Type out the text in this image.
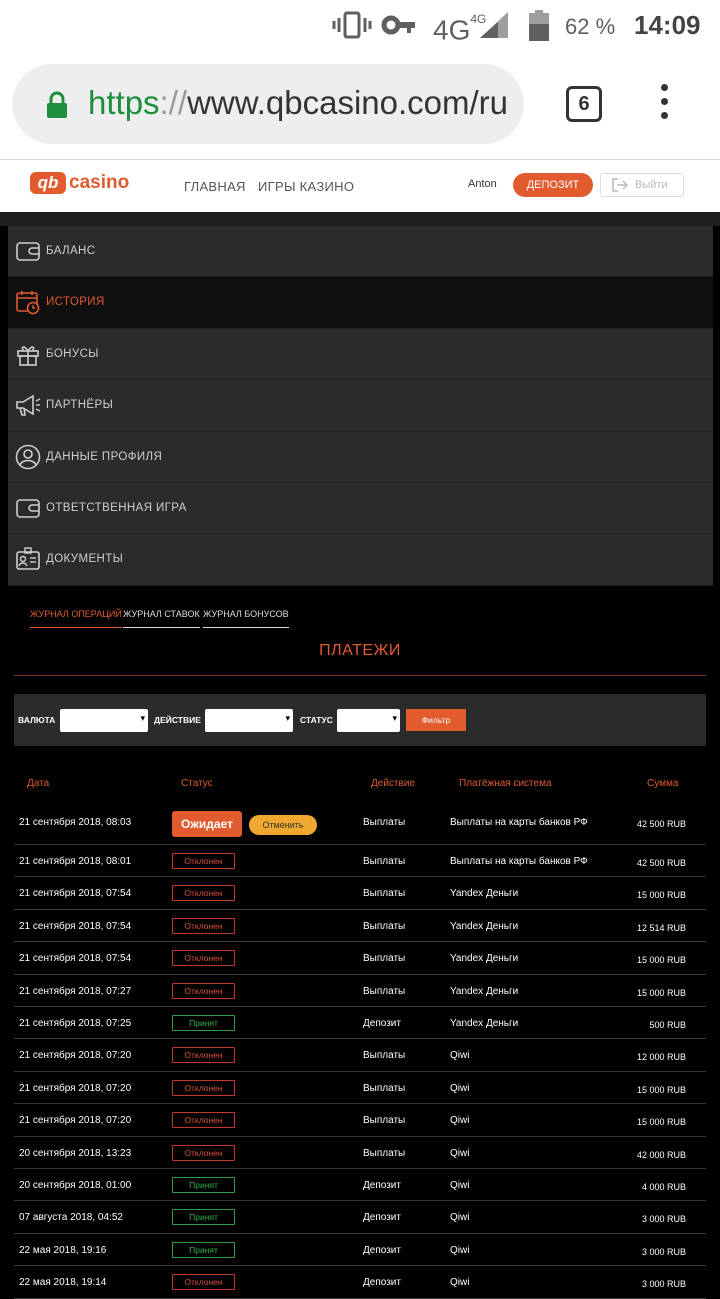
$4G^{4G}$	62 % 14:09
https://www.qbcasino.com/ru	6
qb casino	ГЛАВНАЯ ИГРЫ КАЗИНО	Anton	ДЕПОЗИТ	Выйти
БАЛАНС
ИСТОРИЯ
БОНУСЫ
ПАРТНЁРЫ
ДАННЫЕ ПРОФИЛЯ
ОТВЕТСТВЕННАЯ ИГРА
ДОКУМЕНТЫ
ЖУРНАЛ ОПЕРАЦИЙ ЖУРНАЛ СТАВОК ЖУРНАЛ БОНУСОВ
ПЛАТЕЖИ
ВАЛЮТА ▾	ДЕЙСТВИЕ ▾	СТАТУС ▾	Фильтр
Дата	Статус	Действие	Платёжная система	Сумма
21 сентября 2018, 08:03	Ожидает	Отменить	Выплаты	Выплаты на карты банков РФ	42 500 RUB
21 сентября 2018, 08:01	Отклонен	Выплаты	Выплаты на карты банков РФ	42 500 RUB
21 сентября 2018, 07:54	Отклонен	Выплаты	Yandex Деньги	15 000 RUB
21 сентября 2018, 07:54	Отклонен	Выплаты	Yandex Деньги	12 514 RUB
21 сентября 2018, 07:54	Отклонен	Выплаты	Yandex Деньги	15 000 RUB
21 сентября 2018, 07:27	Отклонен	Выплаты	Yandex Деньги	15 000 RUB
21 сентября 2018, 07:25	Принят	Депозит	Yandex Деньги	500 RUB
21 сентября 2018, 07:20	Отклонен	Выплаты	Qiwi	12 000 RUB
21 сентября 2018, 07:20	Отклонен	Выплаты	Qiwi	15 000 RUB
21 сентября 2018, 07:20	Отклонен	Выплаты	Qiwi	15 000 RUB
20 сентября 2018, 13:23	Отклонен	Выплаты	Qiwi	42 000 RUB
20 сентября 2018, 01:00	Принят	Депозит	Qiwi	4 000 RUB
07 августа 2018, 04:52	Принят	Депозит	Qiwi	3 000 RUB
22 мая 2018, 19:16	Принят	Депозит	Qiwi	3 000 RUB
22 мая 2018, 19:14	Отклонен	Депозит	Qiwi	3 000 RUB
